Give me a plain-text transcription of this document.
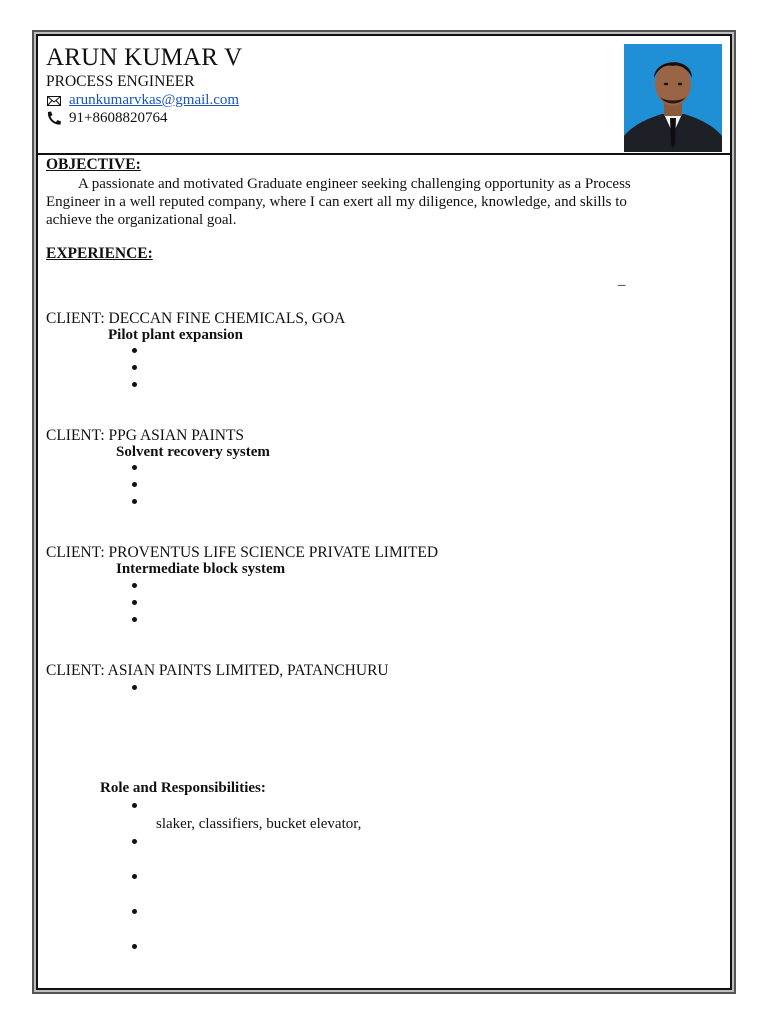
ARUN KUMAR V
PROCESS ENGINEER
arunkumarvkas@gmail.com
91+8608820764
OBJECTIVE:
A passionate and motivated Graduate engineer seeking challenging opportunity as a Process
Engineer in a well reputed company, where I can exert all my diligence, knowledge, and skills to
achieve the organizational goal.
EXPERIENCE:
–
CLIENT: DECCAN FINE CHEMICALS, GOA
Pilot plant expansion
CLIENT: PPG ASIAN PAINTS
Solvent recovery system
CLIENT: PROVENTUS LIFE SCIENCE PRIVATE LIMITED
Intermediate block system
CLIENT: ASIAN PAINTS LIMITED, PATANCHURU
Role and Responsibilities:
slaker, classifiers, bucket elevator,
